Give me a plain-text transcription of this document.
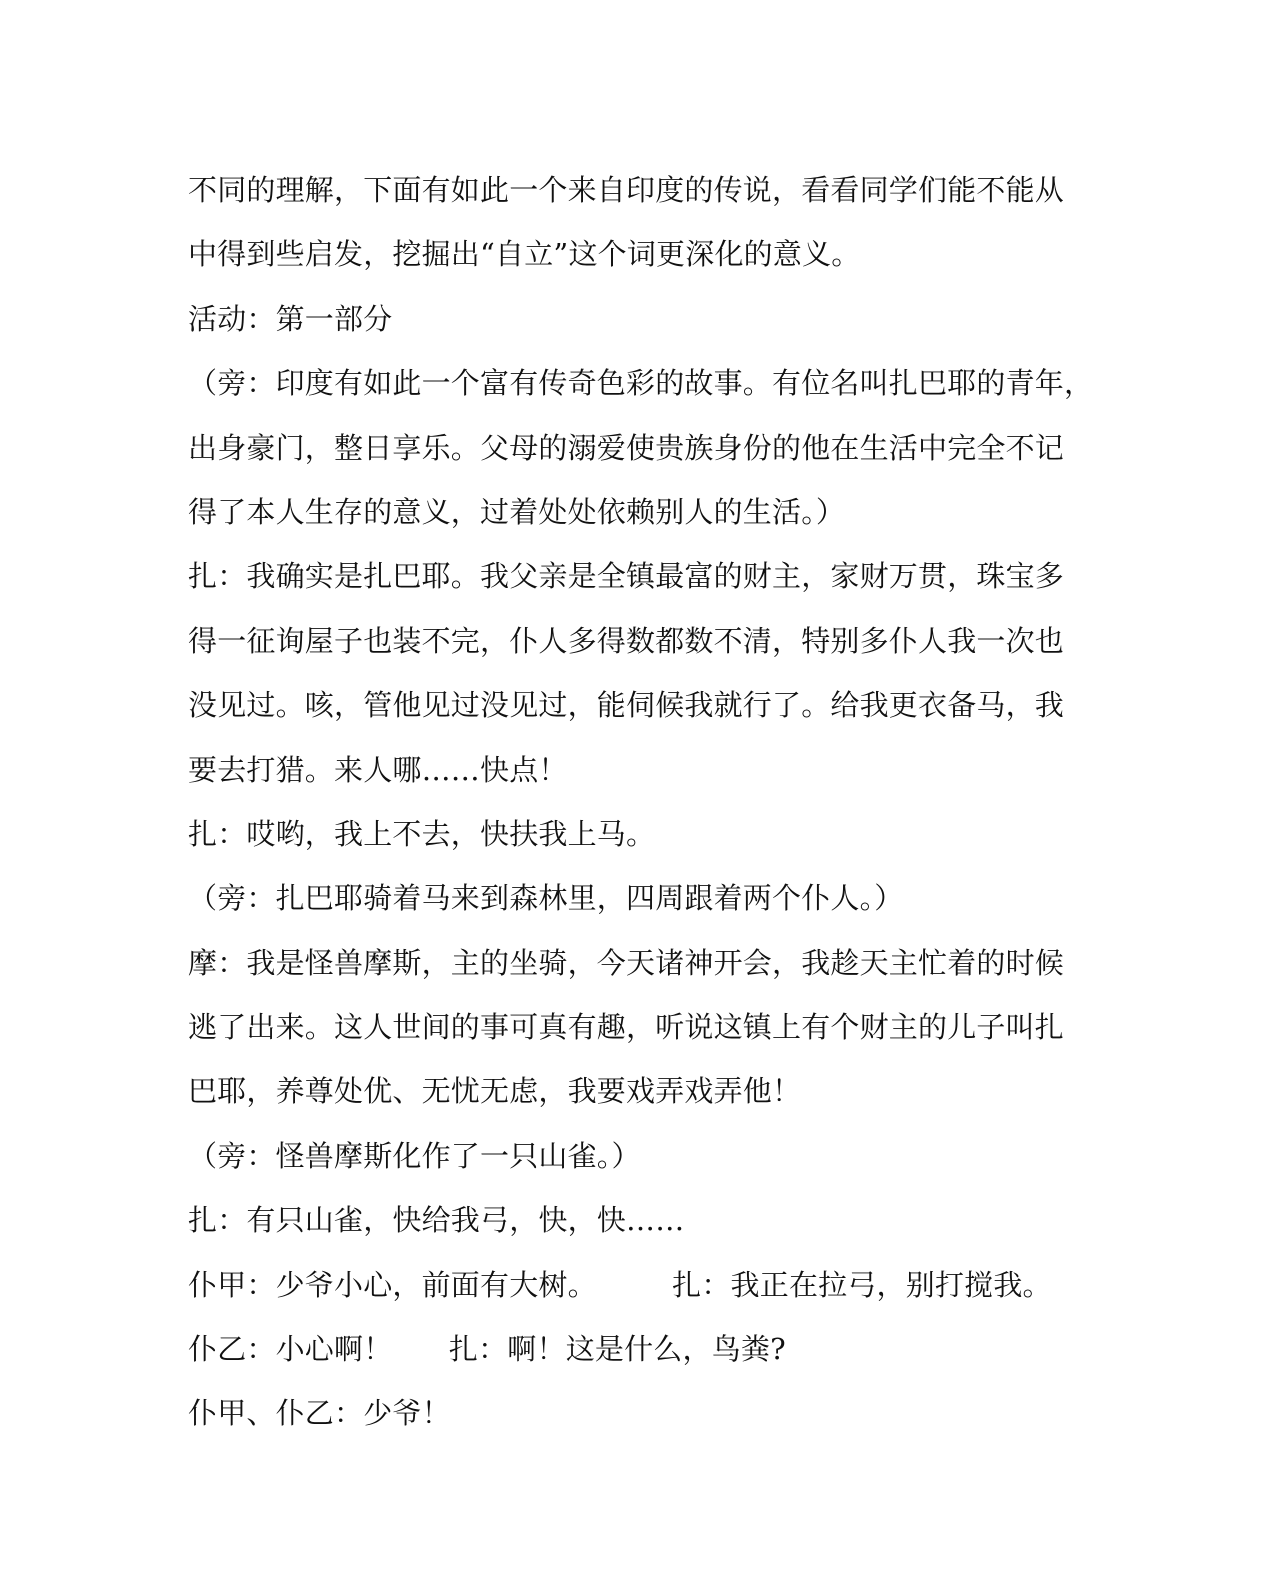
不同的理解，下面有如此一个来自印度的传说，看看同学们能不能从
中得到些启发，挖掘出“自立”这个词更深化的意义。
活动：第一部分
（旁：印度有如此一个富有传奇色彩的故事。有位名叫扎巴耶的青年，
出身豪门，整日享乐。父母的溺爱使贵族身份的他在生活中完全不记
得了本人生存的意义，过着处处依赖别人的生活。）
扎：我确实是扎巴耶。我父亲是全镇最富的财主，家财万贯，珠宝多
得一征询屋子也装不完，仆人多得数都数不清，特别多仆人我一次也
没见过。咳，管他见过没见过，能伺候我就行了。给我更衣备马，我
要去打猎。来人哪……快点！
扎：哎哟，我上不去，快扶我上马。
（旁：扎巴耶骑着马来到森林里，四周跟着两个仆人。）
摩：我是怪兽摩斯，主的坐骑，今天诸神开会，我趁天主忙着的时候
逃了出来。这人世间的事可真有趣，听说这镇上有个财主的儿子叫扎
巴耶，养尊处优、无忧无虑，我要戏弄戏弄他！
（旁：怪兽摩斯化作了一只山雀。）
扎：有只山雀，快给我弓，快，快……
仆甲：少爷小心，前面有大树。        扎：我正在拉弓，别打搅我。
仆乙：小心啊！      扎：啊！这是什么，鸟粪?
仆甲、仆乙：少爷！
